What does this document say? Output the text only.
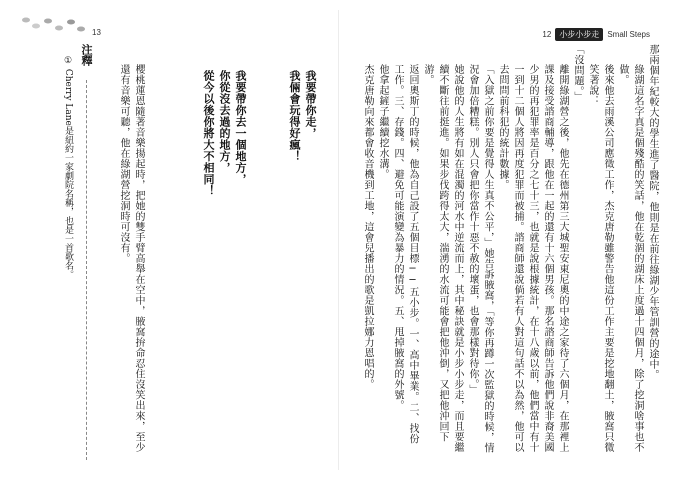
13	12	小步小步走	Small Steps
注釋
① Cherry Lane是紐約一家劇院名稱，也是一首歌名。	我要帶你走，

我倆會玩得好瘋！

我要帶你去一個地方，

你從沒去過的地方，

從今以後你將大不相同！

櫻桃蓮恩隨著音樂揚起時，把她的雙手臂高舉在空中，腋窩拚命忍住沒笑出來，至少還有音樂可聽，他在綠湖營挖洞時可沒有。	那兩個年紀較大的學生進了醫院，他則是在前往綠湖少年管訓營的途中。

綠湖這名字真是個殘酷的笑話，他在乾涸的湖床上度過十四個月，除了挖洞啥事也不做。

後來他去雨溪公司應徵工作，杰克唐勒雖警告他這份工作主要是挖地翻土，腋窩只微笑著說：

「沒問題。」

離開綠湖營之後，他先在德州第三大城聖安東尼奧的中途之家待了六個月，在那裡上課及接受諮商輔導，跟他在一起的還有十六個男孩。那名諮商師告訴他們說非裔美國少男的再犯罪率是百分之七十三，也就是說根據統計，在十八歲以前，他們當中有十一到十二個人將因再度犯罪而被捕。諮商師還說倘若有人對這句話不以為然，他可以去問問前科犯的統計數據。

「入獄之前你要是覺得人生真不公平，」她告訴腋窩，「等你再蹲一次監獄的時候，情況會加倍糟糕。別人只會把你當作十惡不赦的壞蛋，也會那樣對待你。」

她說他的人生將有如在混濁的河水中逆流而上，其中秘訣就是小步小步走，而且要繼續不斷往前挺進。如果步伐跨得太大，湍湧的水流可能會把他沖倒，又把他沖回下游。

返回奧斯丁的時候，他為自己設了五個目標──五小步。一、高中畢業。二、找份工作。三、存錢。四、避免可能演變為暴力的情況。五、甩掉腋窩的外號。

他拿起鏟子繼續挖水溝。

杰克唐勒向來都會收音機到工地，這會兒播出的歌是凱拉娜力恩唱的。
